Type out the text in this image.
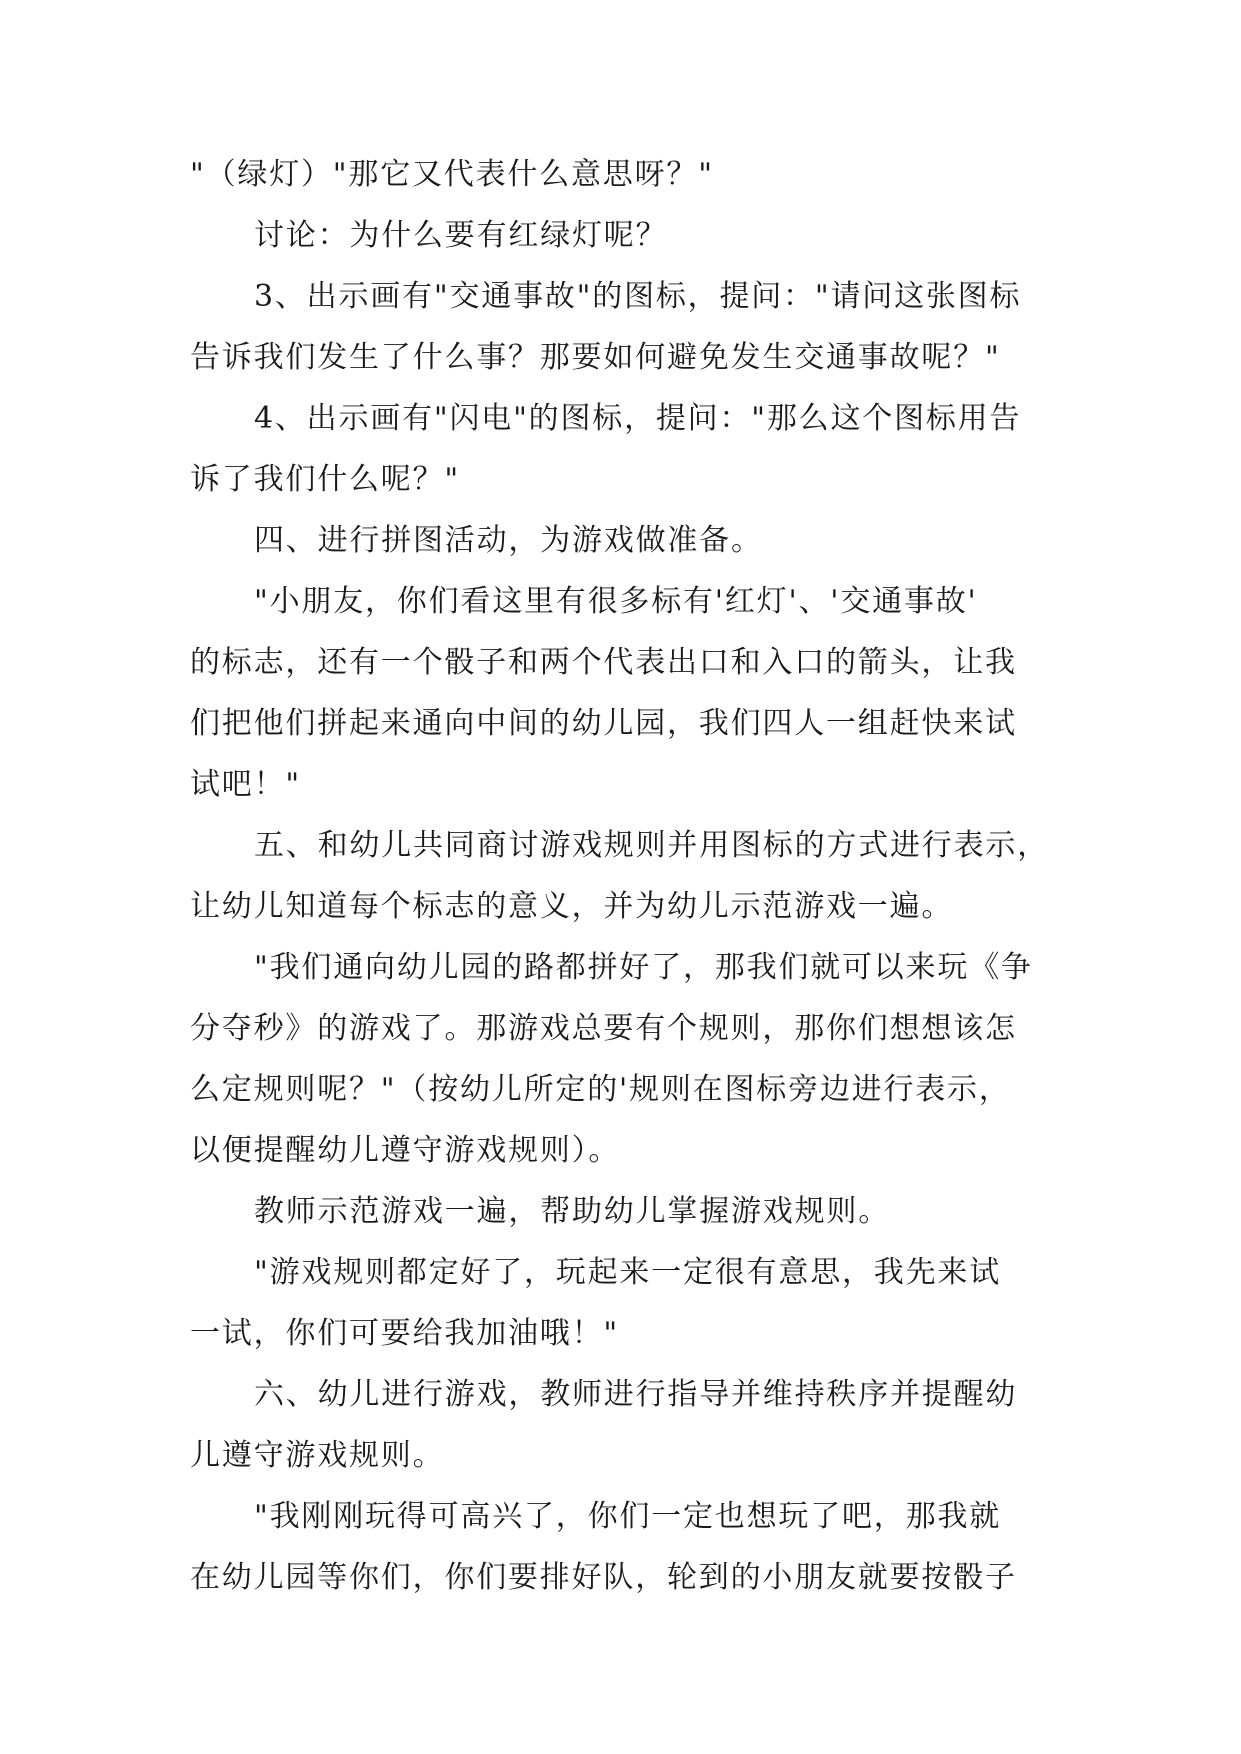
"（绿灯）"那它又代表什么意思呀？"
讨论：为什么要有红绿灯呢？
3、出示画有"交通事故"的图标，提问："请问这张图标
告诉我们发生了什么事？那要如何避免发生交通事故呢？"
4、出示画有"闪电"的图标，提问："那么这个图标用告
诉了我们什么呢？"
四、进行拼图活动，为游戏做准备。
"小朋友，你们看这里有很多标有'红灯'、'交通事故'
的标志，还有一个骰子和两个代表出口和入口的箭头，让我
们把他们拼起来通向中间的幼儿园，我们四人一组赶快来试
试吧！"
五、和幼儿共同商讨游戏规则并用图标的方式进行表示，
让幼儿知道每个标志的意义，并为幼儿示范游戏一遍。
"我们通向幼儿园的路都拼好了，那我们就可以来玩《争
分夺秒》的游戏了。那游戏总要有个规则，那你们想想该怎
么定规则呢？"（按幼儿所定的'规则在图标旁边进行表示，
以便提醒幼儿遵守游戏规则）。
教师示范游戏一遍，帮助幼儿掌握游戏规则。
"游戏规则都定好了，玩起来一定很有意思，我先来试
一试，你们可要给我加油哦！"
六、幼儿进行游戏，教师进行指导并维持秩序并提醒幼
儿遵守游戏规则。
"我刚刚玩得可高兴了，你们一定也想玩了吧，那我就
在幼儿园等你们，你们要排好队，轮到的小朋友就要按骰子
